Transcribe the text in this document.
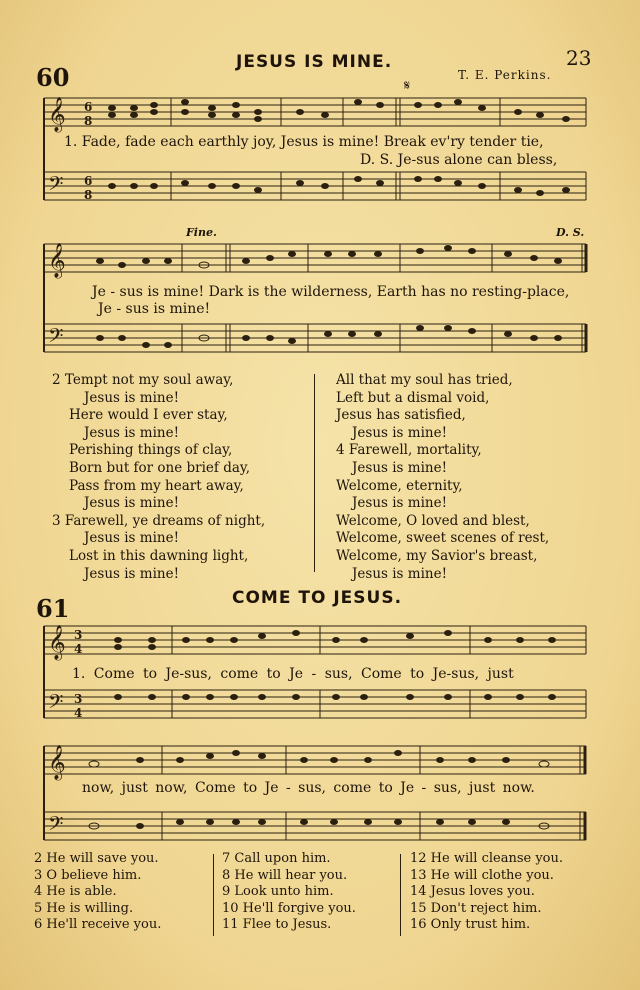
60
JESUS IS MINE.	23
T. E. Perkins.
𝄋
𝄞
𝄢
6
8
6
8
1. Fade, fade each earthly joy, Jesus is mine! Break ev'ry tender tie,
D. S. Je-sus alone can bless,
Fine.	D. S.
𝄞
𝄢
Je - sus is mine! Dark is the wilderness, Earth has no resting-place,
Je - sus is mine!
2 Tempt not my soul away,
Jesus is mine!
Here would I ever stay,
Jesus is mine!
Perishing things of clay,
Born but for one brief day,
Pass from my heart away,
Jesus is mine!
3 Farewell, ye dreams of night,
Jesus is mine!
Lost in this dawning light,
Jesus is mine!
All that my soul has tried,
Left but a dismal void,
Jesus has satisfied,
Jesus is mine!
4 Farewell, mortality,
Jesus is mine!
Welcome, eternity,
Jesus is mine!
Welcome, O loved and blest,
Welcome, sweet scenes of rest,
Welcome, my Savior's breast,
Jesus is mine!
61	COME TO JESUS.
𝄞
𝄢
3
4
3
4
1. Come to Je-sus, come to Je - sus, Come to Je-sus, just
𝄞
𝄢
now, just now, Come to Je - sus, come to Je - sus, just now.
2 He will save you.
3 O believe him.
4 He is able.
5 He is willing.
6 He'll receive you.
7 Call upon him.
8 He will hear you.
9 Look unto him.
10 He'll forgive you.
11 Flee to Jesus.
12 He will cleanse you.
13 He will clothe you.
14 Jesus loves you.
15 Don't reject him.
16 Only trust him.
